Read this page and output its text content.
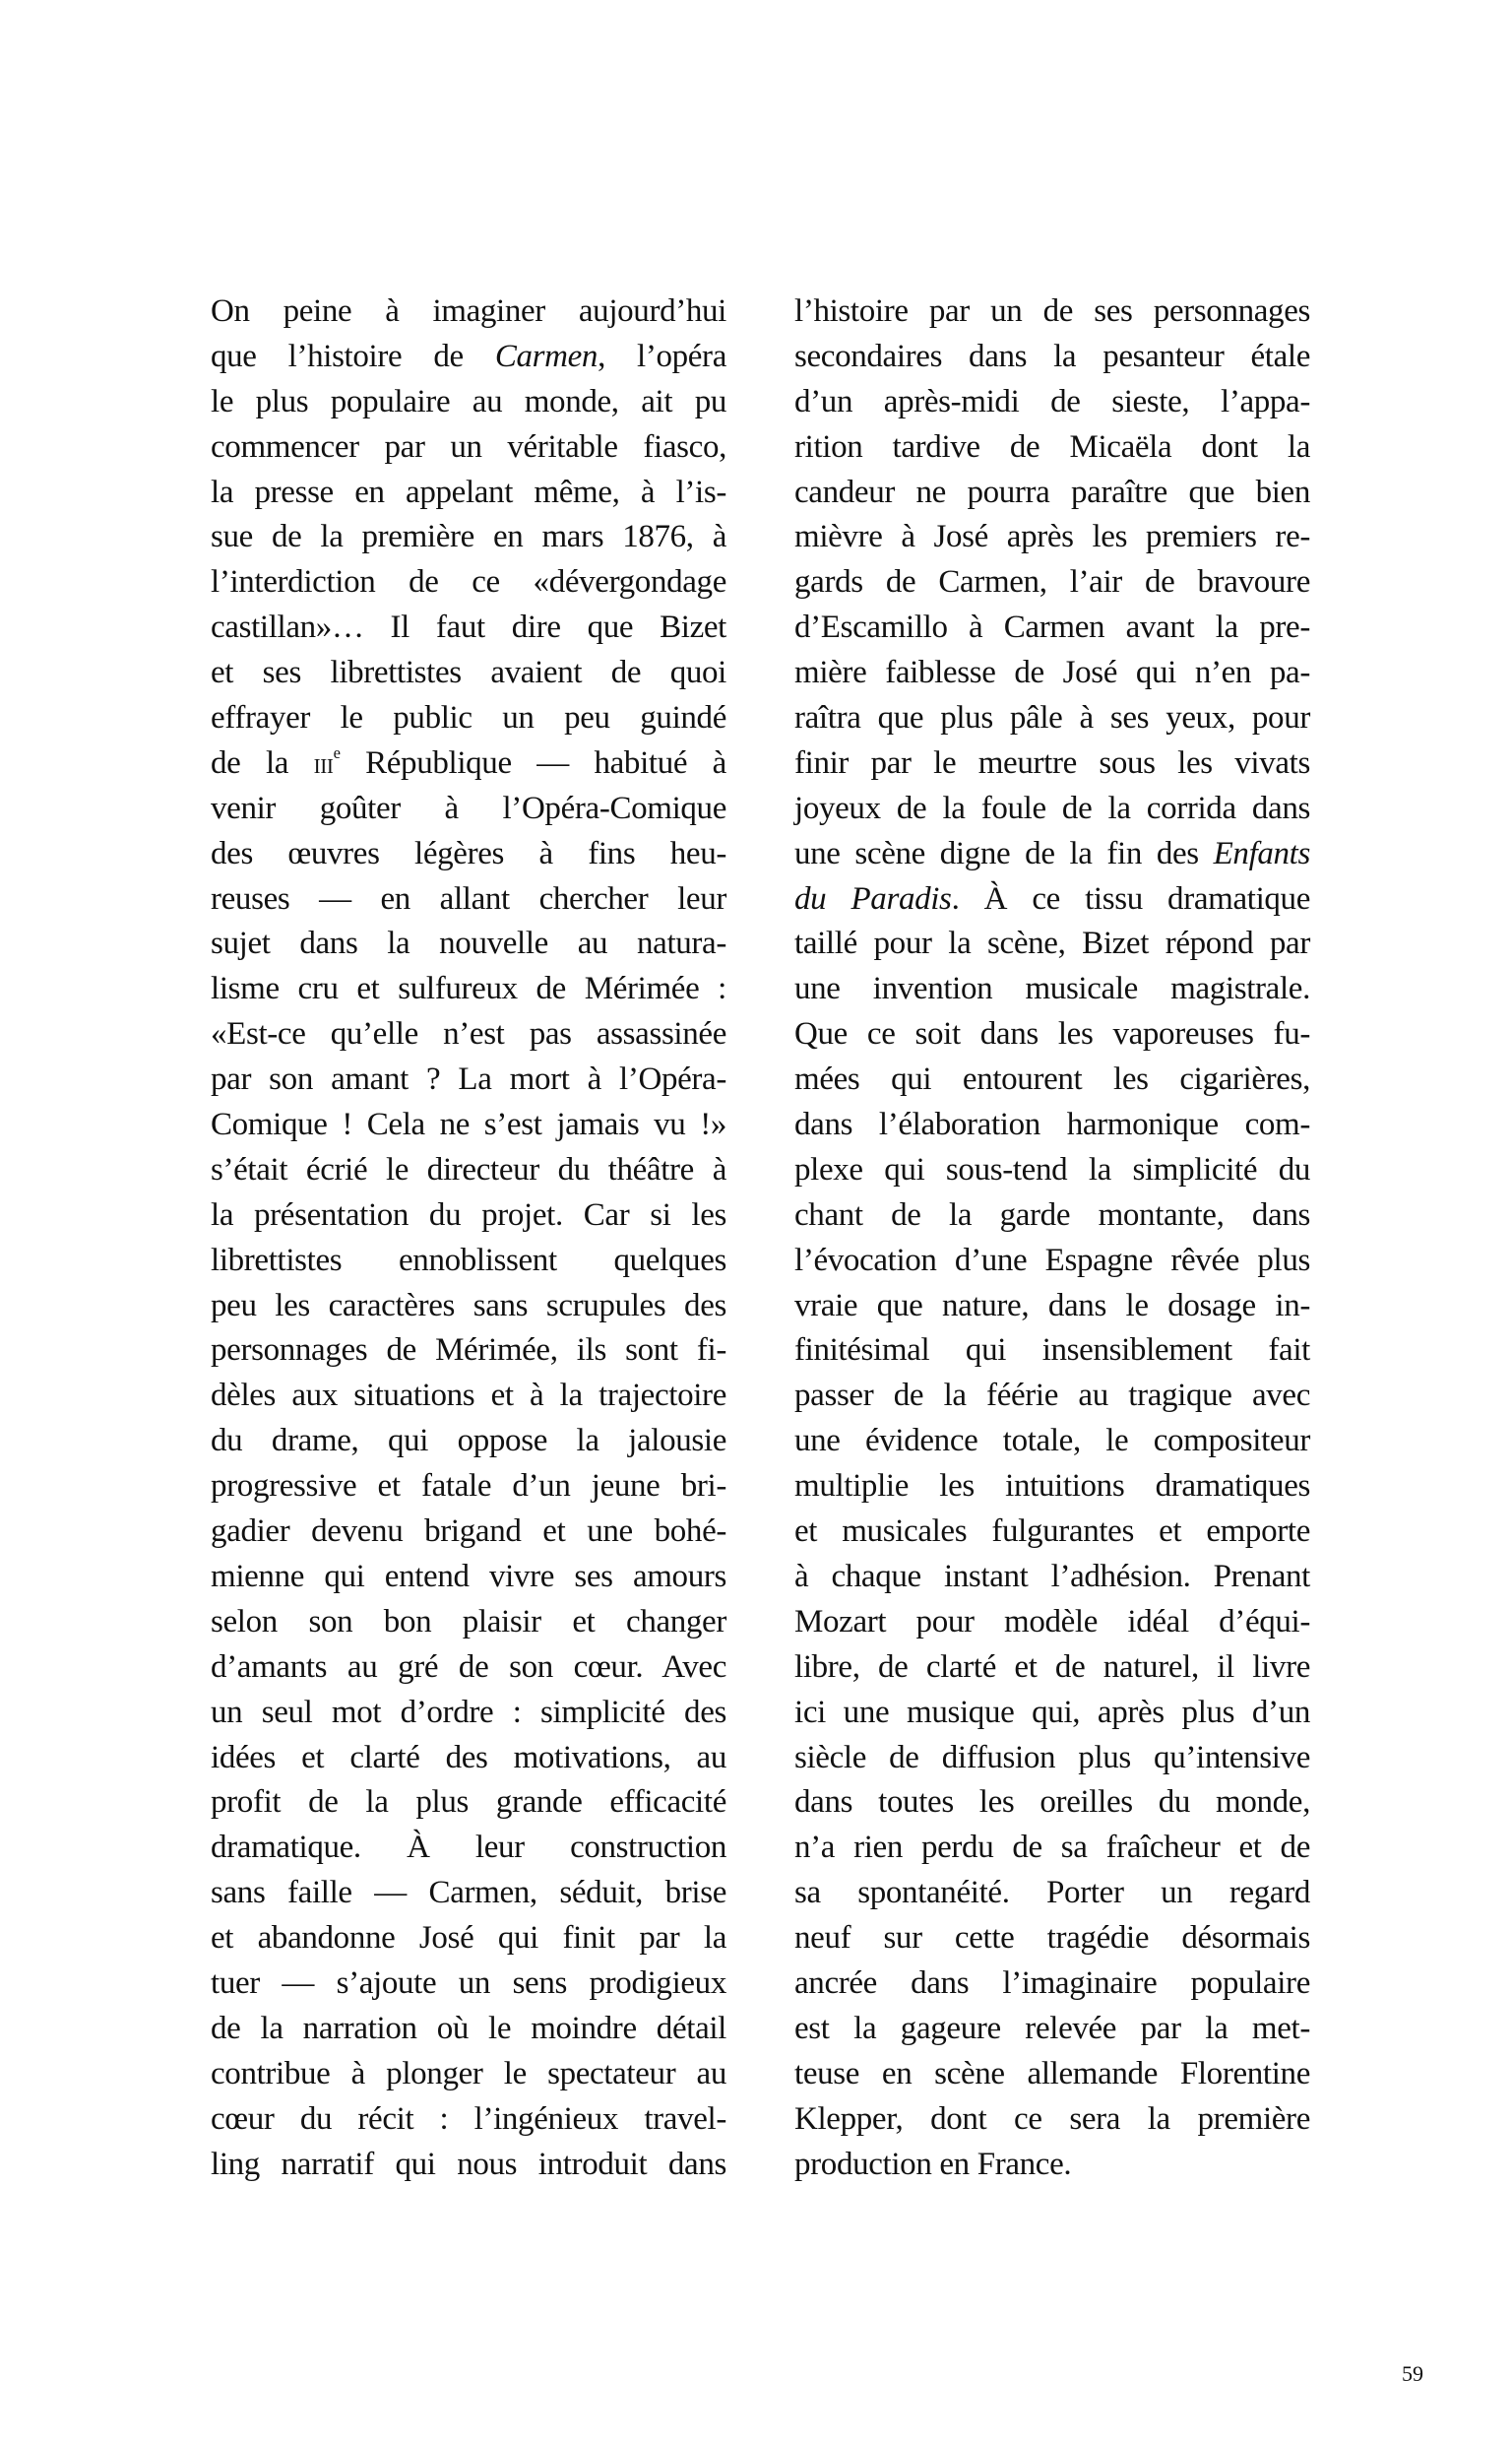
On peine à imaginer aujourd’hui
que l’histoire de Carmen, l’opéra
le plus populaire au monde, ait pu
commencer par un véritable fiasco,
la presse en appelant même, à l’is-
sue de la première en mars 1876, à
l’interdiction de ce «dévergondage
castillan»… Il faut dire que Bizet
et ses librettistes avaient de quoi
effrayer le public un peu guindé
de la iii$^e$ République — habitué à
venir goûter à l’Opéra-Comique
des œuvres légères à fins heu-
reuses — en allant chercher leur
sujet dans la nouvelle au natura-
lisme cru et sulfureux de Mérimée :
«Est-ce qu’elle n’est pas assassinée
par son amant ? La mort à l’Opéra-
Comique ! Cela ne s’est jamais vu !»
s’était écrié le directeur du théâtre à
la présentation du projet. Car si les
librettistes ennoblissent quelques
peu les caractères sans scrupules des
personnages de Mérimée, ils sont fi-
dèles aux situations et à la trajectoire
du drame, qui oppose la jalousie
progressive et fatale d’un jeune bri-
gadier devenu brigand et une bohé-
mienne qui entend vivre ses amours
selon son bon plaisir et changer
d’amants au gré de son cœur. Avec
un seul mot d’ordre : simplicité des
idées et clarté des motivations, au
profit de la plus grande efficacité
dramatique. À leur construction
sans faille — Carmen, séduit, brise
et abandonne José qui finit par la
tuer — s’ajoute un sens prodigieux
de la narration où le moindre détail
contribue à plonger le spectateur au
cœur du récit : l’ingénieux travel-
ling narratif qui nous introduit dans
l’histoire par un de ses personnages
secondaires dans la pesanteur étale
d’un après-midi de sieste, l’appa-
rition tardive de Micaëla dont la
candeur ne pourra paraître que bien
mièvre à José après les premiers re-
gards de Carmen, l’air de bravoure
d’Escamillo à Carmen avant la pre-
mière faiblesse de José qui n’en pa-
raîtra que plus pâle à ses yeux, pour
finir par le meurtre sous les vivats
joyeux de la foule de la corrida dans
une scène digne de la fin des Enfants
du Paradis. À ce tissu dramatique
taillé pour la scène, Bizet répond par
une invention musicale magistrale.
Que ce soit dans les vaporeuses fu-
mées qui entourent les cigarières,
dans l’élaboration harmonique com-
plexe qui sous-tend la simplicité du
chant de la garde montante, dans
l’évocation d’une Espagne rêvée plus
vraie que nature, dans le dosage in-
finitésimal qui insensiblement fait
passer de la féérie au tragique avec
une évidence totale, le compositeur
multiplie les intuitions dramatiques
et musicales fulgurantes et emporte
à chaque instant l’adhésion. Prenant
Mozart pour modèle idéal d’équi-
libre, de clarté et de naturel, il livre
ici une musique qui, après plus d’un
siècle de diffusion plus qu’intensive
dans toutes les oreilles du monde,
n’a rien perdu de sa fraîcheur et de
sa spontanéité. Porter un regard
neuf sur cette tragédie désormais
ancrée dans l’imaginaire populaire
est la gageure relevée par la met-
teuse en scène allemande Florentine
Klepper, dont ce sera la première
production en France.
59
